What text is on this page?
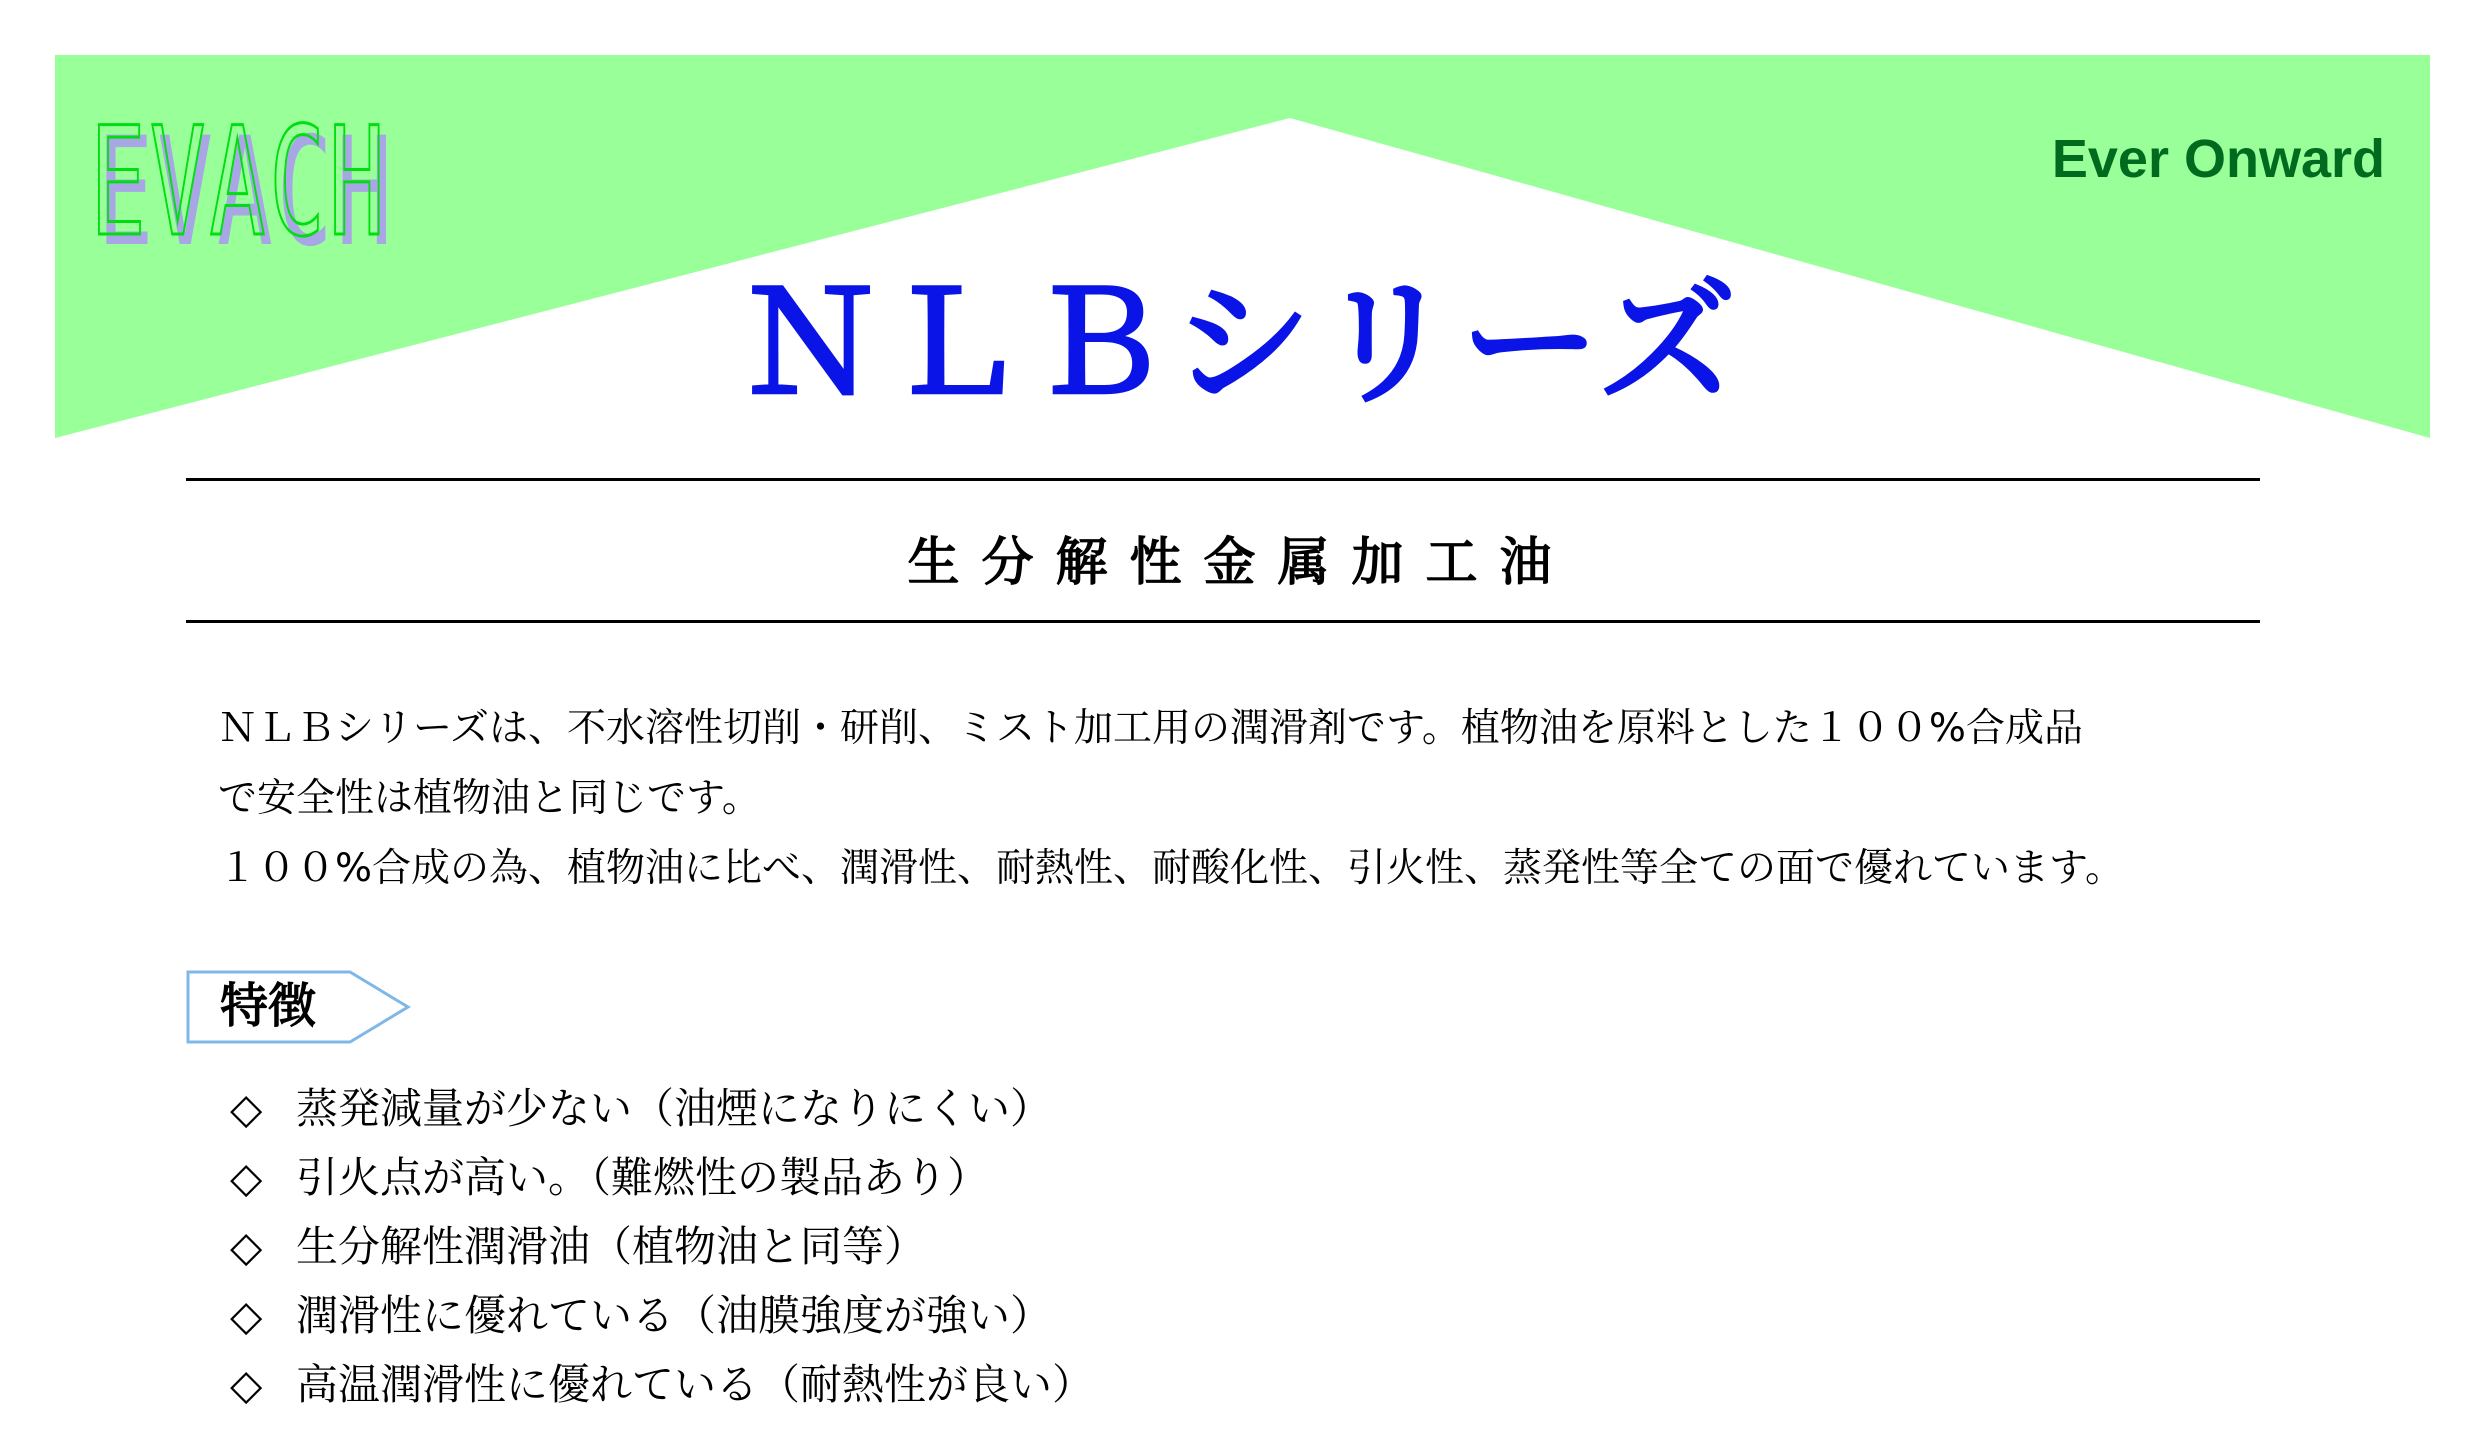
EVACH	Ever Onward
ＮＬＢシリーズ
生分解性金属加工油

ＮＬＢシリーズは、不水溶性切削・研削、ミスト加工用の潤滑剤です。植物油を原料とした１００%合成品

で安全性は植物油と同じです。

１００%合成の為、植物油に比べ、潤滑性、耐熱性、耐酸化性、引火性、蒸発性等全ての面で優れています。

特徴
◇ 蒸発減量が少ない（油煙になりにくい）
◇ 引火点が高い。（難燃性の製品あり）
◇ 生分解性潤滑油（植物油と同等）
◇ 潤滑性に優れている（油膜強度が強い）
◇ 高温潤滑性に優れている（耐熱性が良い）
